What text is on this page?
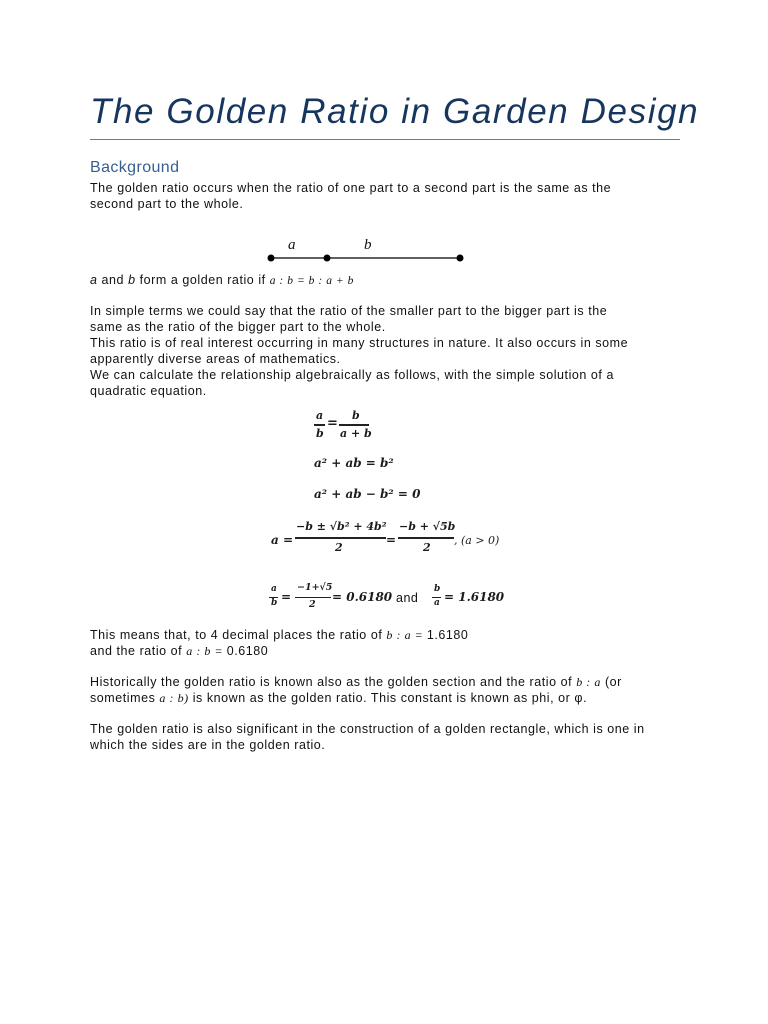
The Golden Ratio in Garden Design
Background
The golden ratio occurs when the ratio of one part to a second part is the same as the
second part to the whole.
a	b
a and b form a golden ratio if a : b = b : a + b
In simple terms we could say that the ratio of the smaller part to the bigger part is the
same as the ratio of the bigger part to the whole.
This ratio is of real interest occurring in many structures in nature. It also occurs in some
apparently diverse areas of mathematics.
We can calculate the relationship algebraically as follows, with the simple solution of a
quadratic equation.
a
b
=
b
a + b
a² + ab = b²
a² + ab − b² = 0
a =
−b ± √b² + 4b²
2
=
−b + √5b
2
, (a > 0)
a
b =
−1+√5
2
= 0.6180 and
b
a = 1.6180
This means that, to 4 decimal places the ratio of b : a = 1.6180
and the ratio of a : b = 0.6180
Historically the golden ratio is known also as the golden section and the ratio of b : a (or
sometimes a : b) is known as the golden ratio. This constant is known as phi, or φ.
The golden ratio is also significant in the construction of a golden rectangle, which is one in
which the sides are in the golden ratio.
